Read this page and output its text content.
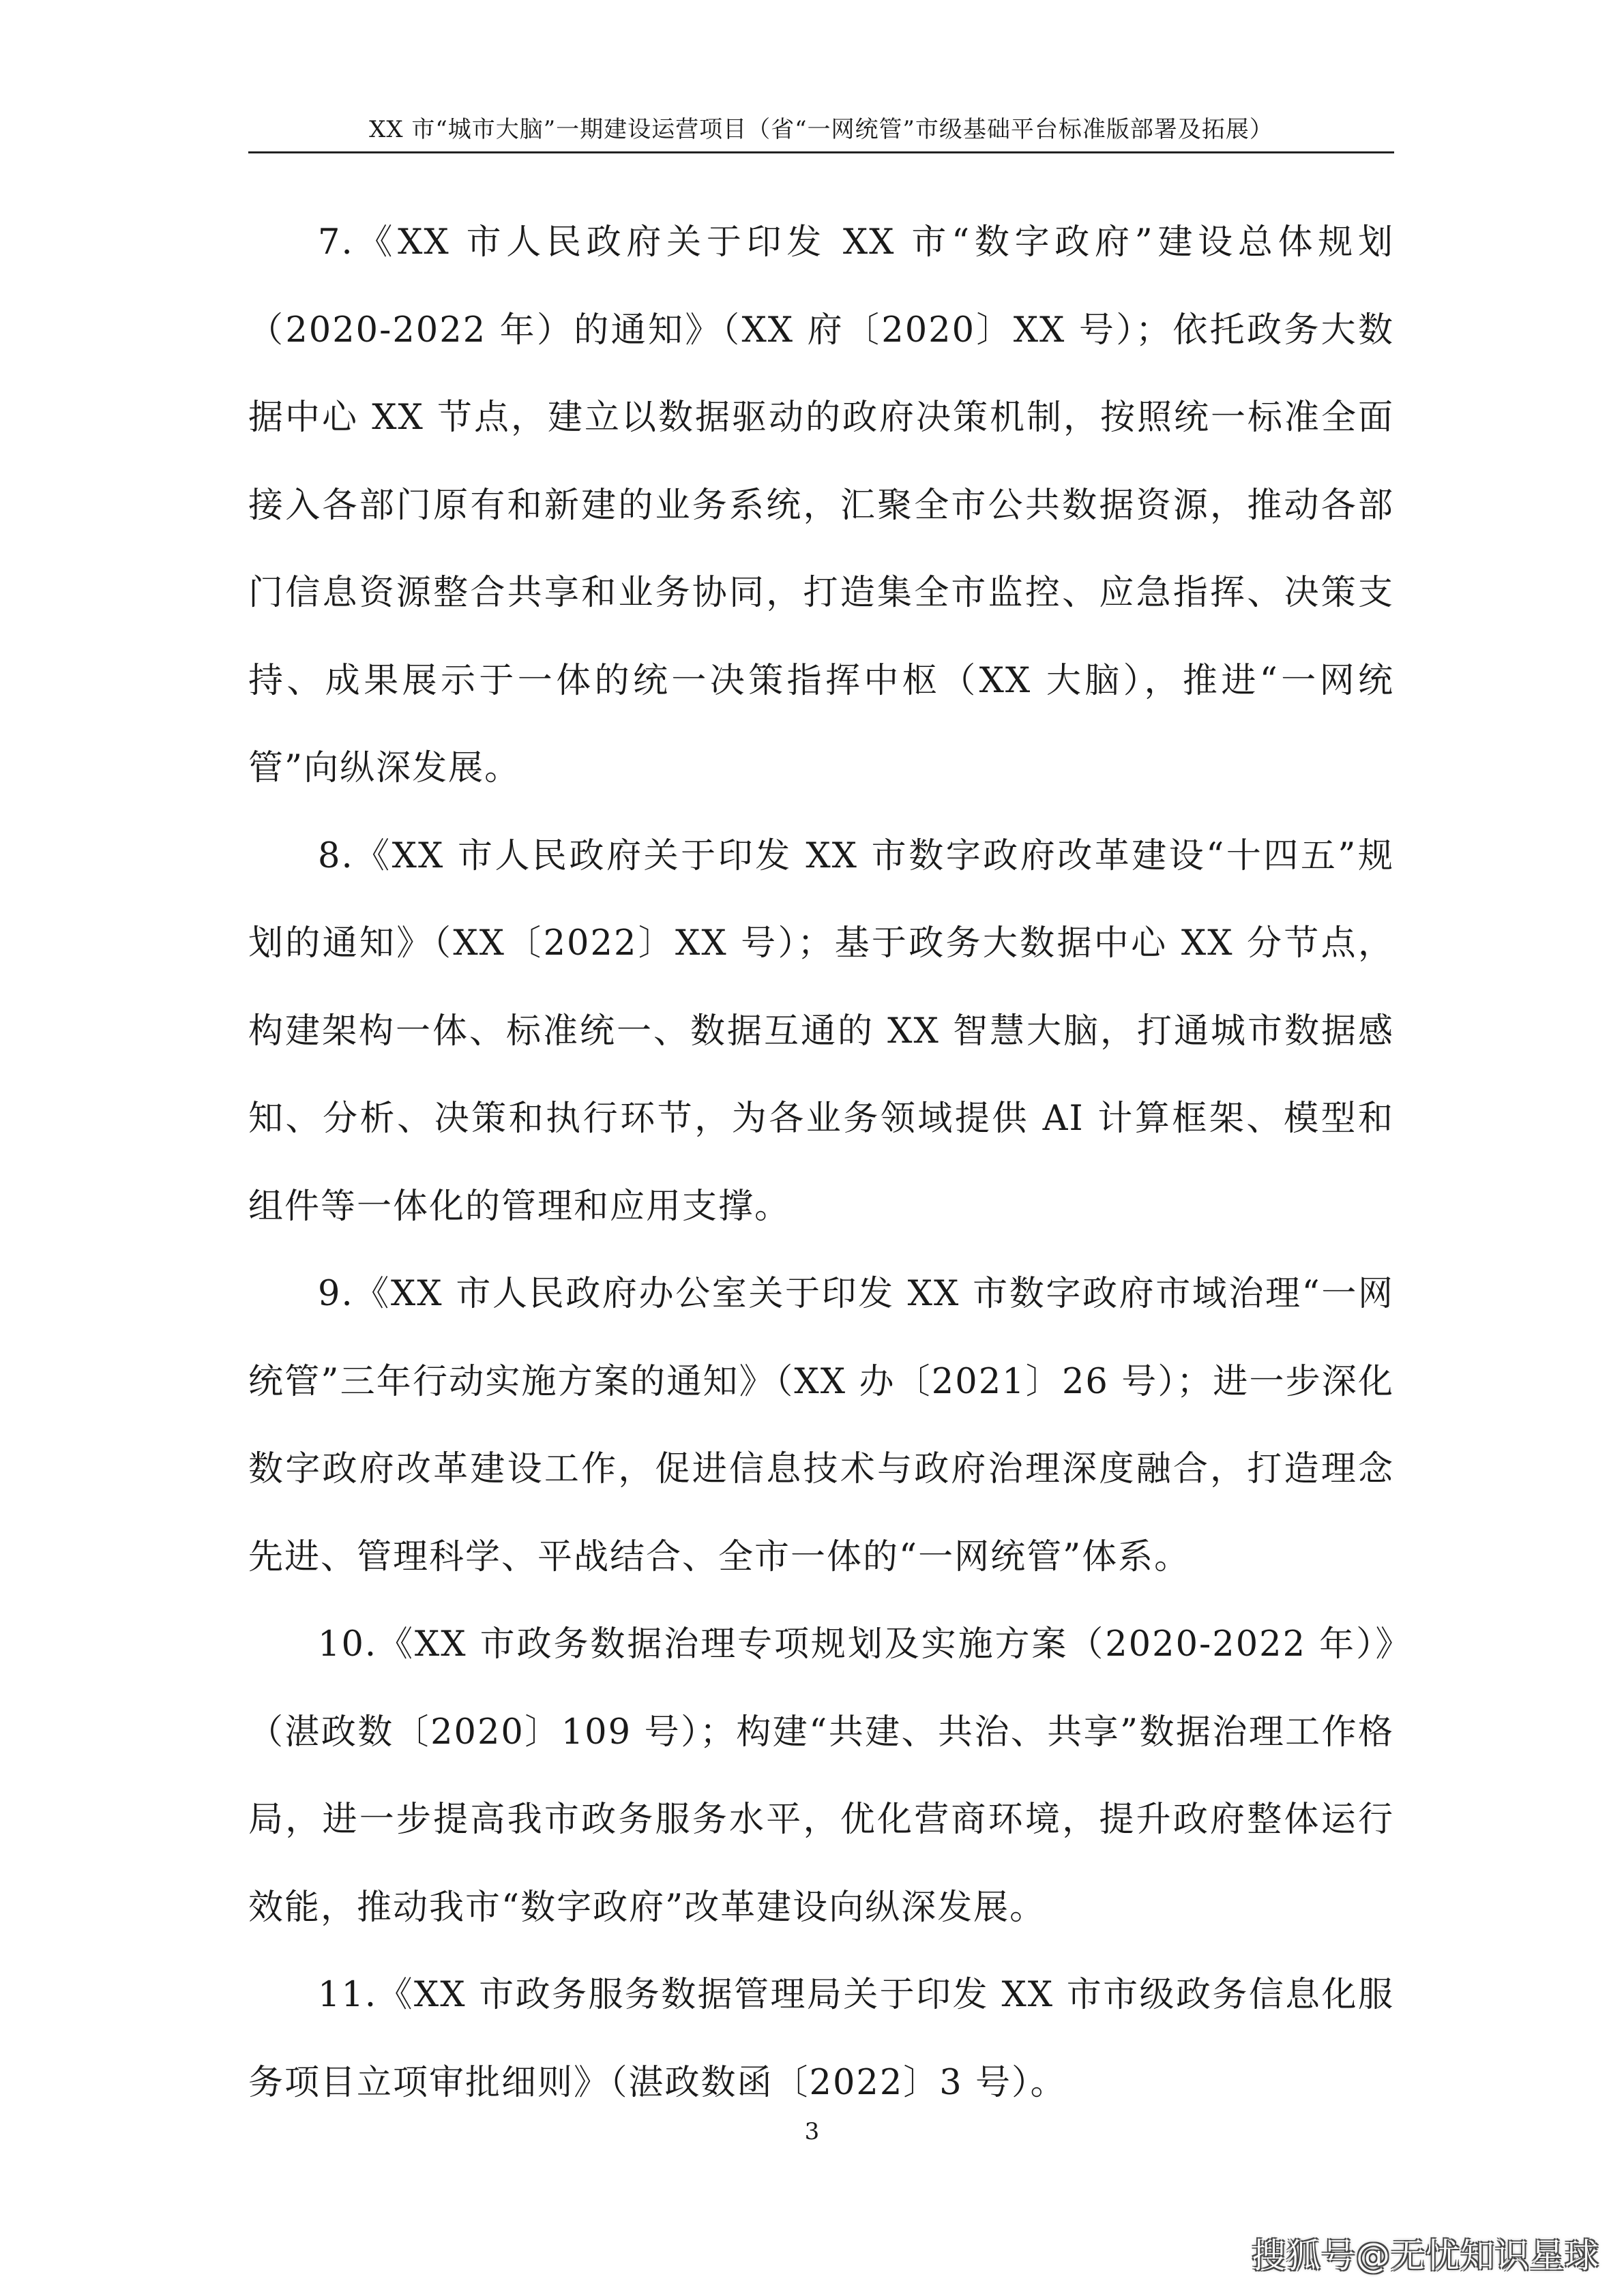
XX 市“城市大脑”一期建设运营项目（省“一网统管”市级基础平台标准版部署及拓展）

7.《XX 市人民政府关于印发 XX 市“数字政府”建设总体规划（2020-2022 年）的通知》（XX 府〔2020〕XX 号）；依托政务大数据中心 XX 节点，建立以数据驱动的政府决策机制，按照统一标准全面接入各部门原有和新建的业务系统，汇聚全市公共数据资源，推动各部门信息资源整合共享和业务协同，打造集全市监控、应急指挥、决策支持、成果展示于一体的统一决策指挥中枢（XX 大脑），推进“一网统管”向纵深发展。

8.《XX 市人民政府关于印发 XX 市数字政府改革建设“十四五”规划的通知》（XX〔2022〕XX 号）；基于政务大数据中心 XX 分节点，构建架构一体、标准统一、数据互通的 XX 智慧大脑，打通城市数据感知、分析、决策和执行环节，为各业务领域提供 AI 计算框架、模型和组件等一体化的管理和应用支撑。

9.《XX 市人民政府办公室关于印发 XX 市数字政府市域治理“一网统管”三年行动实施方案的通知》（XX 办〔2021〕26 号）；进一步深化数字政府改革建设工作，促进信息技术与政府治理深度融合，打造理念先进、管理科学、平战结合、全市一体的“一网统管”体系。

10.《XX 市政务数据治理专项规划及实施方案（2020-2022 年）》（湛政数〔2020〕109 号）；构建“共建、共治、共享”数据治理工作格局，进一步提高我市政务服务水平，优化营商环境，提升政府整体运行效能，推动我市“数字政府”改革建设向纵深发展。

11.《XX 市政务服务数据管理局关于印发 XX 市市级政务信息化服务项目立项审批细则》（湛政数函〔2022〕3 号）。

3
搜狐号@无忧知识星球
